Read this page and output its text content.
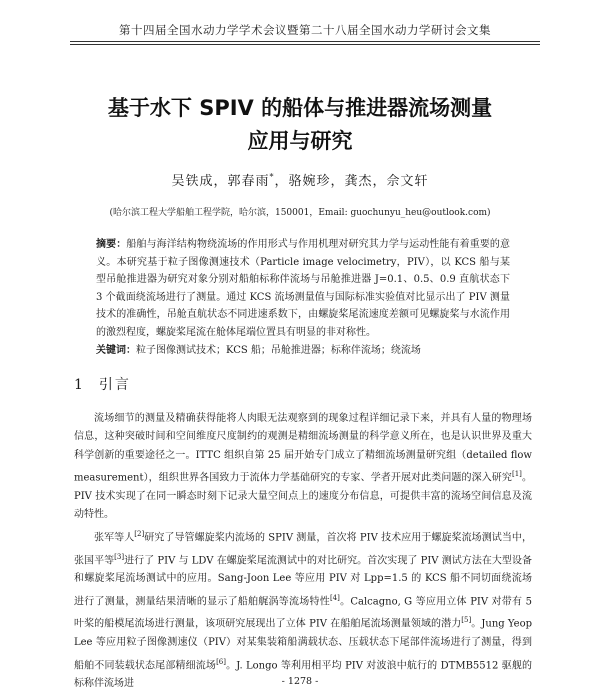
第十四届全国水动力学学术会议暨第二十八届全国水动力学研讨会文集
基于水下 SPIV 的船体与推进器流场测量
应用与研究
吴铁成，郭春雨*，骆婉珍，龚杰，佘文轩
(哈尔滨工程大学船舶工程学院，哈尔滨，150001，Email: guochunyu_heu@outlook.com)
摘要：船舶与海洋结构物绕流场的作用形式与作用机理对研究其力学与运动性能有着重要的意义。本研究基于粒子图像测速技术（Particle image velocimetry，PIV），以 KCS 船与某型吊舱推进器为研究对象分别对船舶标称伴流场与吊舱推进器 J=0.1、0.5、0.9 直航状态下 3 个截面绕流场进行了测量。通过 KCS 流场测量值与国际标准实验值对比显示出了 PIV 测量技术的准确性，吊舱直航状态不同进速系数下，由螺旋桨尾流速度差额可见螺旋桨与水流作用的激烈程度，螺旋桨尾流在舱体尾端位置具有明显的非对称性。
关键词：粒子图像测试技术；KCS 船；吊舱推进器；标称伴流场；绕流场
1 引言

流场细节的测量及精确获得能将人肉眼无法观察到的现象过程详细记录下来，并具有人量的物理场信息，这种突破时间和空间维度尺度制约的观测是精细流场测量的科学意义所在，也是认识世界及重大科学创新的重要途径之一。ITTC 组织自第 25 届开始专门成立了精细流场测量研究组（detailed flow measurement），组织世界各国致力于流体力学基础研究的专家、学者开展对此类问题的深入研究[1]。PIV 技术实现了在同一瞬态时刻下记录大量空间点上的速度分布信息，可提供丰富的流场空间信息及流动特性。

张军等人[2]研究了导管螺旋桨内流场的 SPIV 测量，首次将 PIV 技术应用于螺旋桨流场测试当中，张国平等[3]进行了 PIV 与 LDV 在螺旋桨尾流测试中的对比研究。首次实现了 PIV 测试方法在大型设备和螺旋桨尾流场测试中的应用。Sang-Joon Lee 等应用 PIV 对 Lpp=1.5 的 KCS 船不同切面绕流场进行了测量，测量结果清晰的显示了船舶艉涡等流场特性[4]。Calcagno, G 等应用立体 PIV 对带有 5 叶桨的船模尾流场进行测量，该项研究展现出了立体 PIV 在船舶尾流场测量领域的潜力[5]。Jung Yeop Lee 等应用粒子图像测速仪（PIV）对某集装箱船满载状态、压载状态下尾部伴流场进行了测量，得到船舶不同装载状态尾部精细流场[6]。J. Longo 等利用相平均 PIV 对波浪中航行的 DTMB5512 驱舰的标称伴流场进	- 1278 -
